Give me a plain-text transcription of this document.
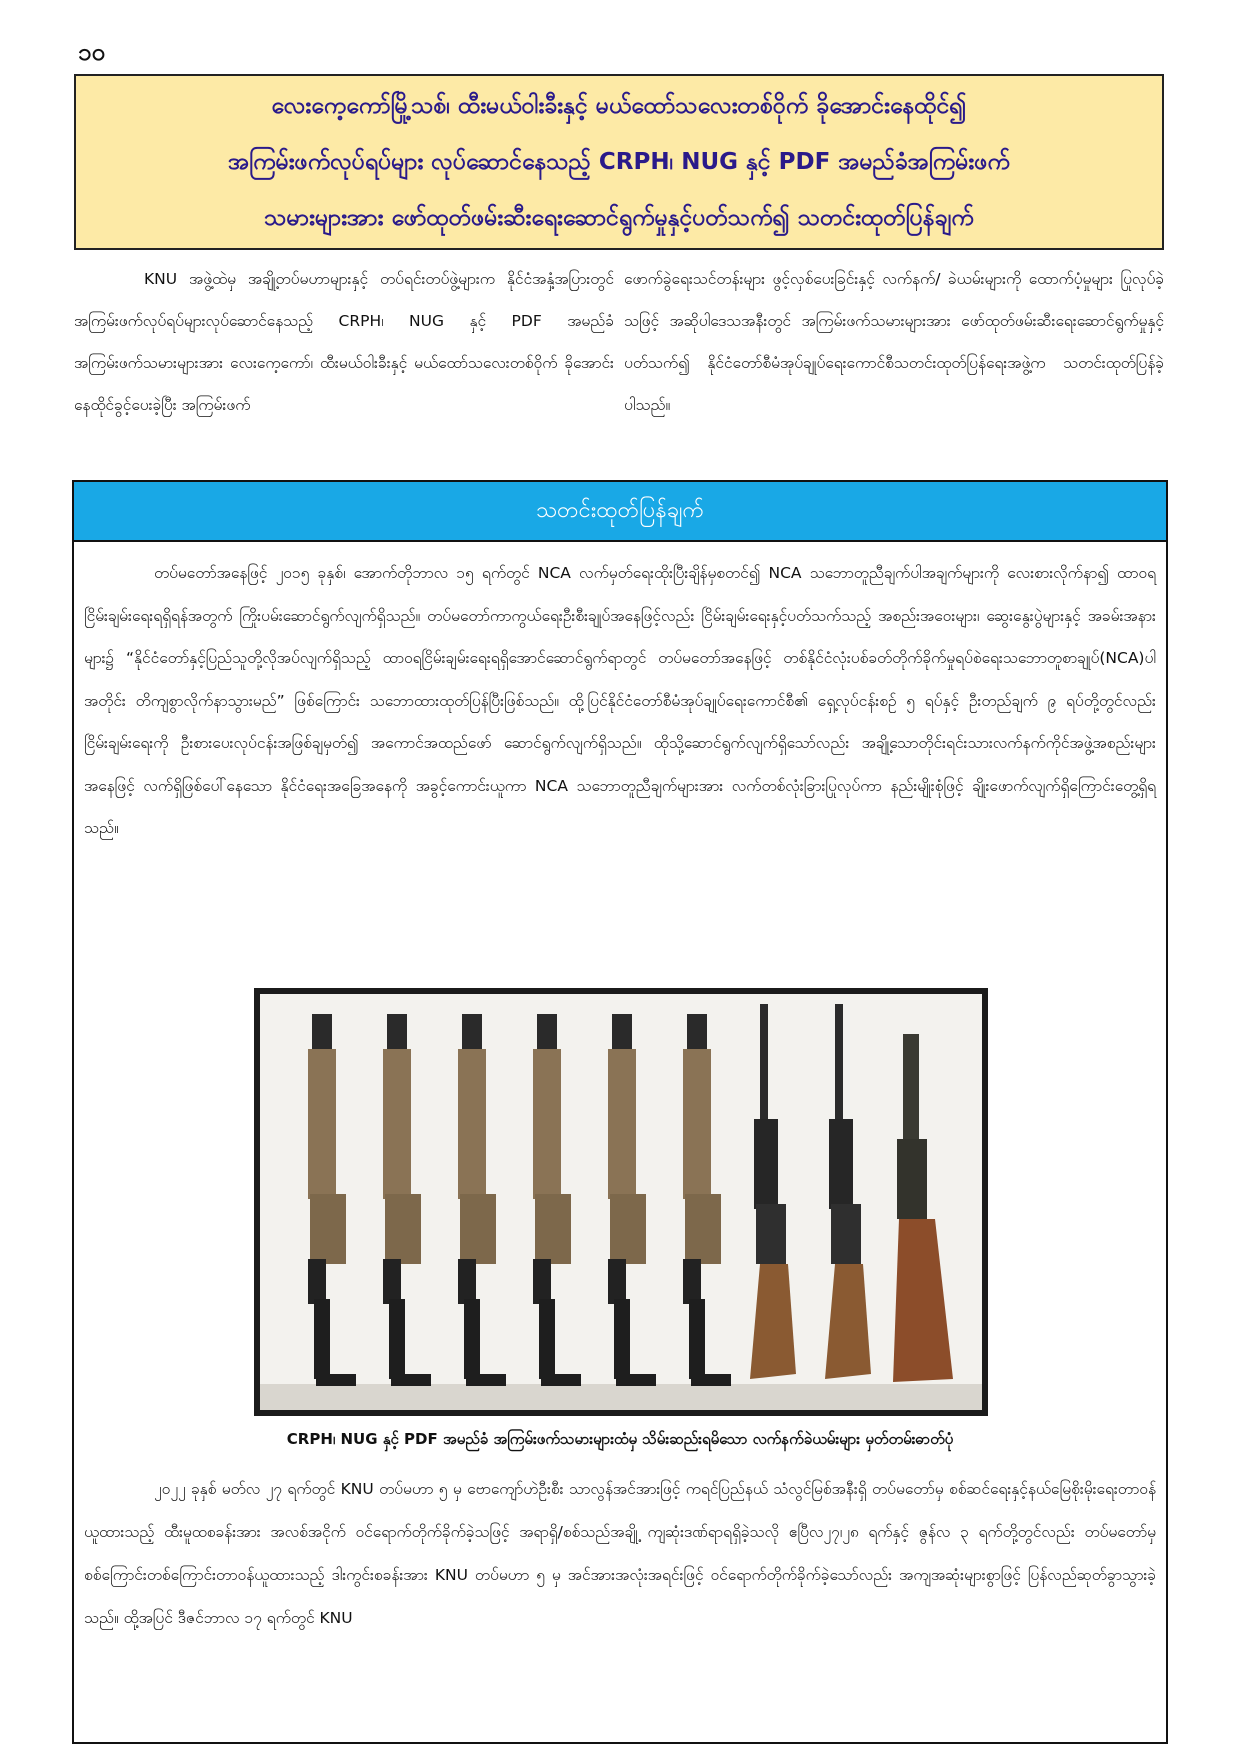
၁၀
လေးကေ့ကော်မြို့သစ်၊ ထီးမယ်ဝါးခီးနှင့် မယ်ထော်သလေးတစ်ဝိုက် ခိုအောင်းနေထိုင်၍
အကြမ်းဖက်လုပ်ရပ်များ လုပ်ဆောင်နေသည့် CRPH၊ NUG နှင့် PDF အမည်ခံအကြမ်းဖက်
သမားများအား ဖော်ထုတ်ဖမ်းဆီးရေးဆောင်ရွက်မှုနှင့်ပတ်သက်၍ သတင်းထုတ်ပြန်ချက်

KNU အဖွဲ့ထဲမှ အချို့တပ်မဟာများနှင့် တပ်ရင်းတပ်ဖွဲ့များက နိုင်ငံအနှံ့အပြားတွင် အကြမ်းဖက်လုပ်ရပ်များလုပ်ဆောင်နေသည့် CRPH၊ NUG နှင့် PDF အမည်ခံအကြမ်းဖက်သမားများအား လေးကေ့ကော်၊ ထီးမယ်ဝါးခီးနှင့် မယ်ထော်သလေးတစ်ဝိုက် ခိုအောင်းနေထိုင်ခွင့်ပေးခဲ့ပြီး အကြမ်းဖက်

ဖောက်ခွဲရေးသင်တန်းများ ဖွင့်လှစ်ပေးခြင်းနှင့် လက်နက်/ ခဲယမ်းများကို ထောက်ပံ့မှုများ ပြုလုပ်ခဲ့သဖြင့် အဆိုပါဒေသအနီးတွင် အကြမ်းဖက်သမားများအား ဖော်ထုတ်ဖမ်းဆီးရေးဆောင်ရွက်မှုနှင့်ပတ်သက်၍ နိုင်ငံတော်စီမံအုပ်ချုပ်ရေးကောင်စီသတင်းထုတ်ပြန်ရေးအဖွဲ့က သတင်းထုတ်ပြန်ခဲ့ပါသည်။

သတင်းထုတ်ပြန်ချက်

တပ်မတော်အနေဖြင့် ၂၀၁၅ ခုနှစ်၊ အောက်တိုဘာလ ၁၅ ရက်တွင် NCA လက်မှတ်ရေးထိုးပြီးချိန်မှစတင်၍ NCA သဘောတူညီချက်ပါအချက်များကို လေးစားလိုက်နာ၍ ထာဝရငြိမ်းချမ်းရေးရရှိရန်အတွက် ကြိုးပမ်းဆောင်ရွက်လျက်ရှိသည်။ တပ်မတော်ကာကွယ်ရေးဦးစီးချုပ်အနေဖြင့်လည်း ငြိမ်းချမ်းရေးနှင့်ပတ်သက်သည့် အစည်းအဝေးများ၊ ဆွေးနွေးပွဲများနှင့် အခမ်းအနားများ၌ “နိုင်ငံတော်နှင့်ပြည်သူတို့လိုအပ်လျက်ရှိသည့် ထာဝရငြိမ်းချမ်းရေးရရှိအောင်ဆောင်ရွက်ရာတွင် တပ်မတော်အနေဖြင့် တစ်နိုင်ငံလုံးပစ်ခတ်တိုက်ခိုက်မှုရပ်စဲရေးသဘောတူစာချုပ်(NCA)ပါအတိုင်း တိကျစွာလိုက်နာသွားမည်” ဖြစ်ကြောင်း သဘောထားထုတ်ပြန်ပြီးဖြစ်သည်။ ထို့ပြင်နိုင်ငံတော်စီမံအုပ်ချုပ်ရေးကောင်စီ၏ ရှေ့လုပ်ငန်းစဉ် ၅ ရပ်နှင့် ဦးတည်ချက် ၉ ရပ်တို့တွင်လည်း ငြိမ်းချမ်းရေးကို ဦးစားပေးလုပ်ငန်းအဖြစ်ချမှတ်၍ အကောင်အထည်ဖော် ဆောင်ရွက်လျက်ရှိသည်။ ထိုသို့ဆောင်ရွက်လျက်ရှိသော်လည်း အချို့သောတိုင်းရင်းသားလက်နက်ကိုင်အဖွဲ့အစည်းများအနေဖြင့် လက်ရှိဖြစ်ပေါ်နေသော နိုင်ငံရေးအခြေအနေကို အခွင့်ကောင်းယူကာ NCA သဘောတူညီချက်များအား လက်တစ်လုံးခြားပြုလုပ်ကာ နည်းမျိုးစုံဖြင့် ချိုးဖောက်လျက်ရှိကြောင်းတွေ့ရှိရသည်။

CRPH၊ NUG နှင့် PDF အမည်ခံ အကြမ်းဖက်သမားများထံမှ သိမ်းဆည်းရမိသော လက်နက်ခဲယမ်းများ မှတ်တမ်းဓာတ်ပုံ

၂၀၂၂ ခုနှစ် မတ်လ ၂၇ ရက်တွင် KNU တပ်မဟာ ၅ မှ ဗောကျော်ဟဲဦးစီး သာလွန်အင်အားဖြင့် ကရင်ပြည်နယ် သံလွင်မြစ်အနီးရှိ တပ်မတော်မှ စစ်ဆင်ရေးနှင့်နယ်မြေစိုးမိုးရေးတာဝန်ယူထားသည့် ထီးမူထစခန်းအား အလစ်အငိုက် ဝင်ရောက်တိုက်ခိုက်ခဲ့သဖြင့် အရာရှိ/စစ်သည်အချို့ ကျဆုံးဒဏ်ရာရရှိခဲ့သလို ဧပြီလ၂၇၊၂၈ ရက်နှင့် ဇွန်လ ၃ ရက်တို့တွင်လည်း တပ်မတော်မှ စစ်ကြောင်းတစ်ကြောင်းတာဝန်ယူထားသည့် ဒါးကွင်းစခန်းအား KNU တပ်မဟာ ၅ မှ အင်အားအလုံးအရင်းဖြင့် ဝင်ရောက်တိုက်ခိုက်ခဲ့သော်လည်း အကျအဆုံးများစွာဖြင့် ပြန်လည်ဆုတ်ခွာသွားခဲ့သည်။ ထို့အပြင် ဒီဇင်ဘာလ ၁၇ ရက်တွင် KNU
